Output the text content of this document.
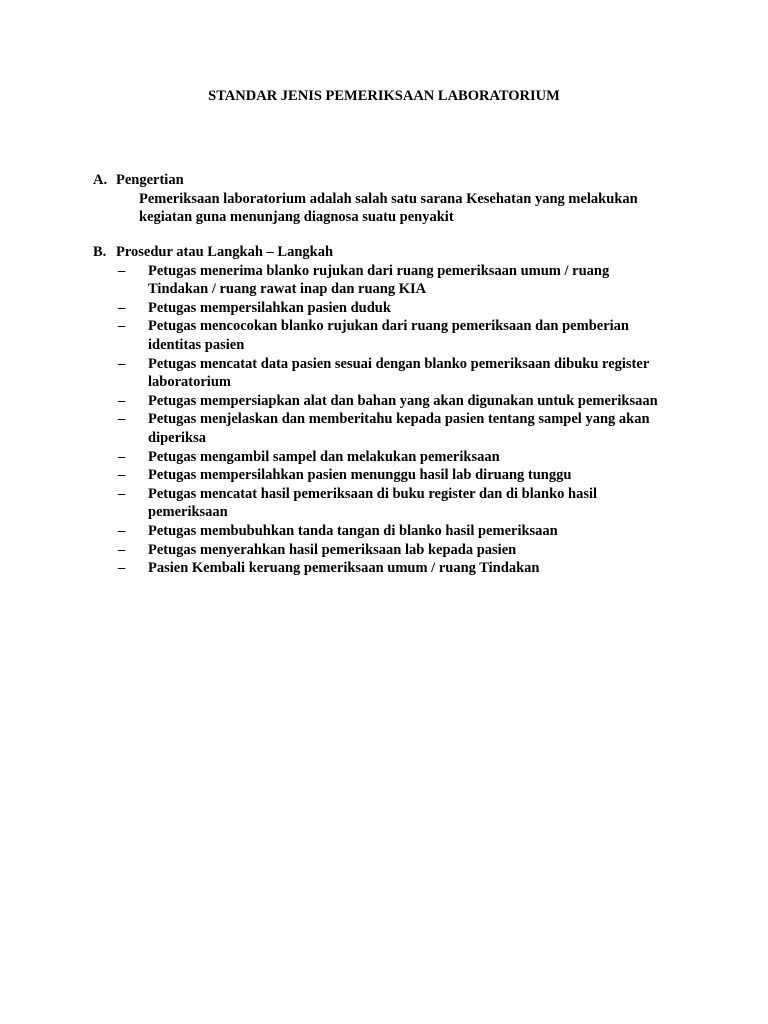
STANDAR JENIS PEMERIKSAAN LABORATORIUM
A. Pengertian
Pemeriksaan laboratorium adalah salah satu sarana Kesehatan yang melakukan
kegiatan guna menunjang diagnosa suatu penyakit
B. Prosedur atau Langkah – Langkah
–	Petugas menerima blanko rujukan dari ruang pemeriksaan umum / ruang Tindakan / ruang rawat inap dan ruang KIA
–	Petugas mempersilahkan pasien duduk
–	Petugas mencocokan blanko rujukan dari ruang pemeriksaan dan pemberian identitas pasien
–	Petugas mencatat data pasien sesuai dengan blanko pemeriksaan dibuku register laboratorium
–	Petugas mempersiapkan alat dan bahan yang akan digunakan untuk pemeriksaan
–	Petugas menjelaskan dan memberitahu kepada pasien tentang sampel yang akan diperiksa
–	Petugas mengambil sampel dan melakukan pemeriksaan
–	Petugas mempersilahkan pasien menunggu hasil lab diruang tunggu
–	Petugas mencatat hasil pemeriksaan di buku register dan di blanko hasil pemeriksaan
–	Petugas membubuhkan tanda tangan di blanko hasil pemeriksaan
–	Petugas menyerahkan hasil pemeriksaan lab kepada pasien
–	Pasien Kembali keruang pemeriksaan umum / ruang Tindakan
